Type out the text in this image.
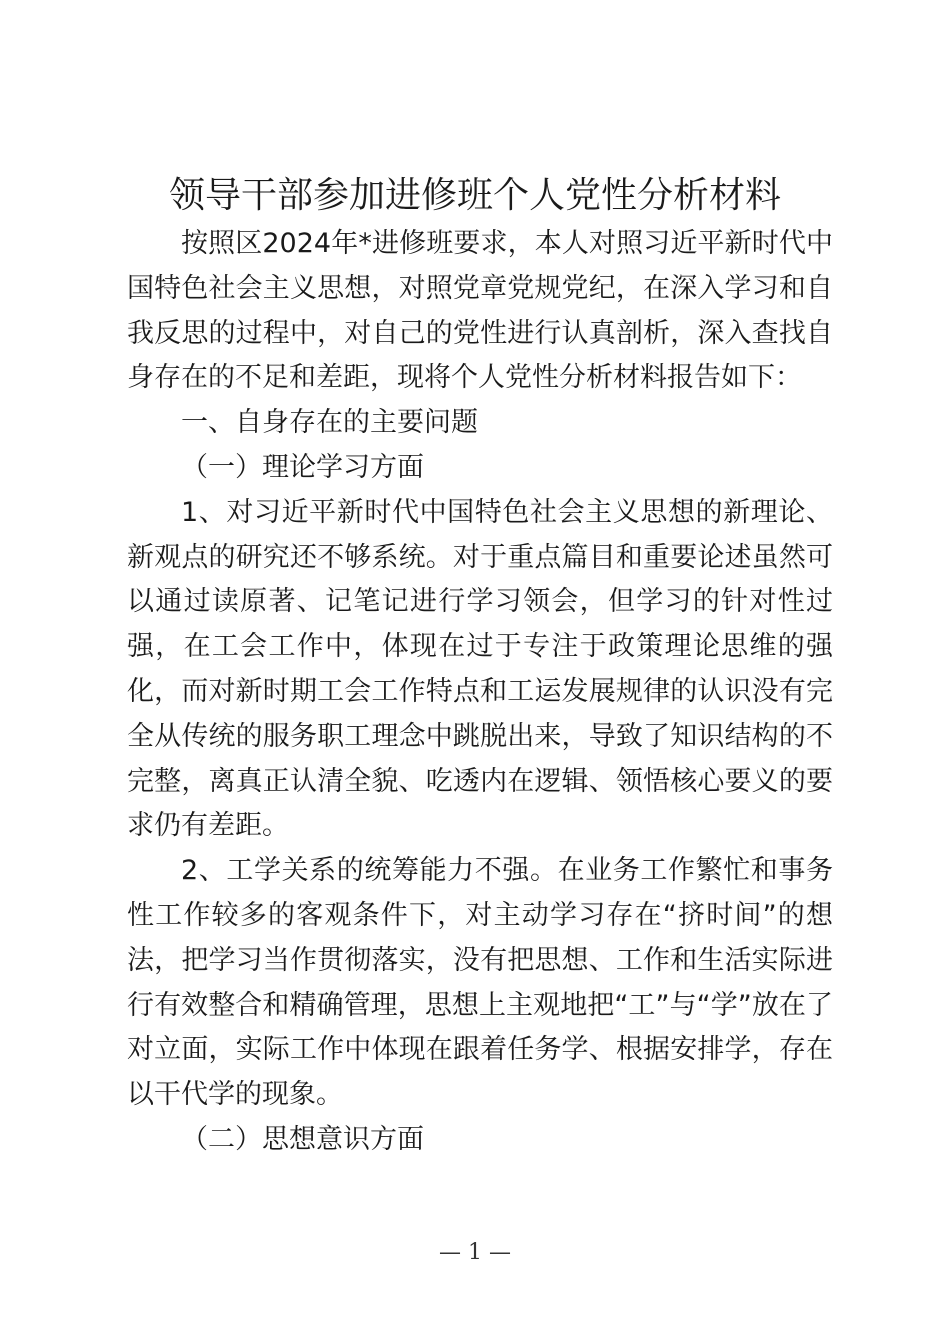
领导干部参加进修班个人党性分析材料

按照区2024年*进修班要求，本人对照习近平新时代中国特色社会主义思想，对照党章党规党纪，在深入学习和自我反思的过程中，对自己的党性进行认真剖析，深入查找自身存在的不足和差距，现将个人党性分析材料报告如下：

一、自身存在的主要问题

（一）理论学习方面

1、对习近平新时代中国特色社会主义思想的新理论、新观点的研究还不够系统。对于重点篇目和重要论述虽然可以通过读原著、记笔记进行学习领会，但学习的针对性过强，在工会工作中，体现在过于专注于政策理论思维的强化，而对新时期工会工作特点和工运发展规律的认识没有完全从传统的服务职工理念中跳脱出来，导致了知识结构的不完整，离真正认清全貌、吃透内在逻辑、领悟核心要义的要求仍有差距。

2、工学关系的统筹能力不强。在业务工作繁忙和事务性工作较多的客观条件下，对主动学习存在“挤时间”的想法，把学习当作贯彻落实，没有把思想、工作和生活实际进行有效整合和精确管理，思想上主观地把“工”与“学”放在了对立面，实际工作中体现在跟着任务学、根据安排学，存在以干代学的现象。

（二）思想意识方面

— 1 —
